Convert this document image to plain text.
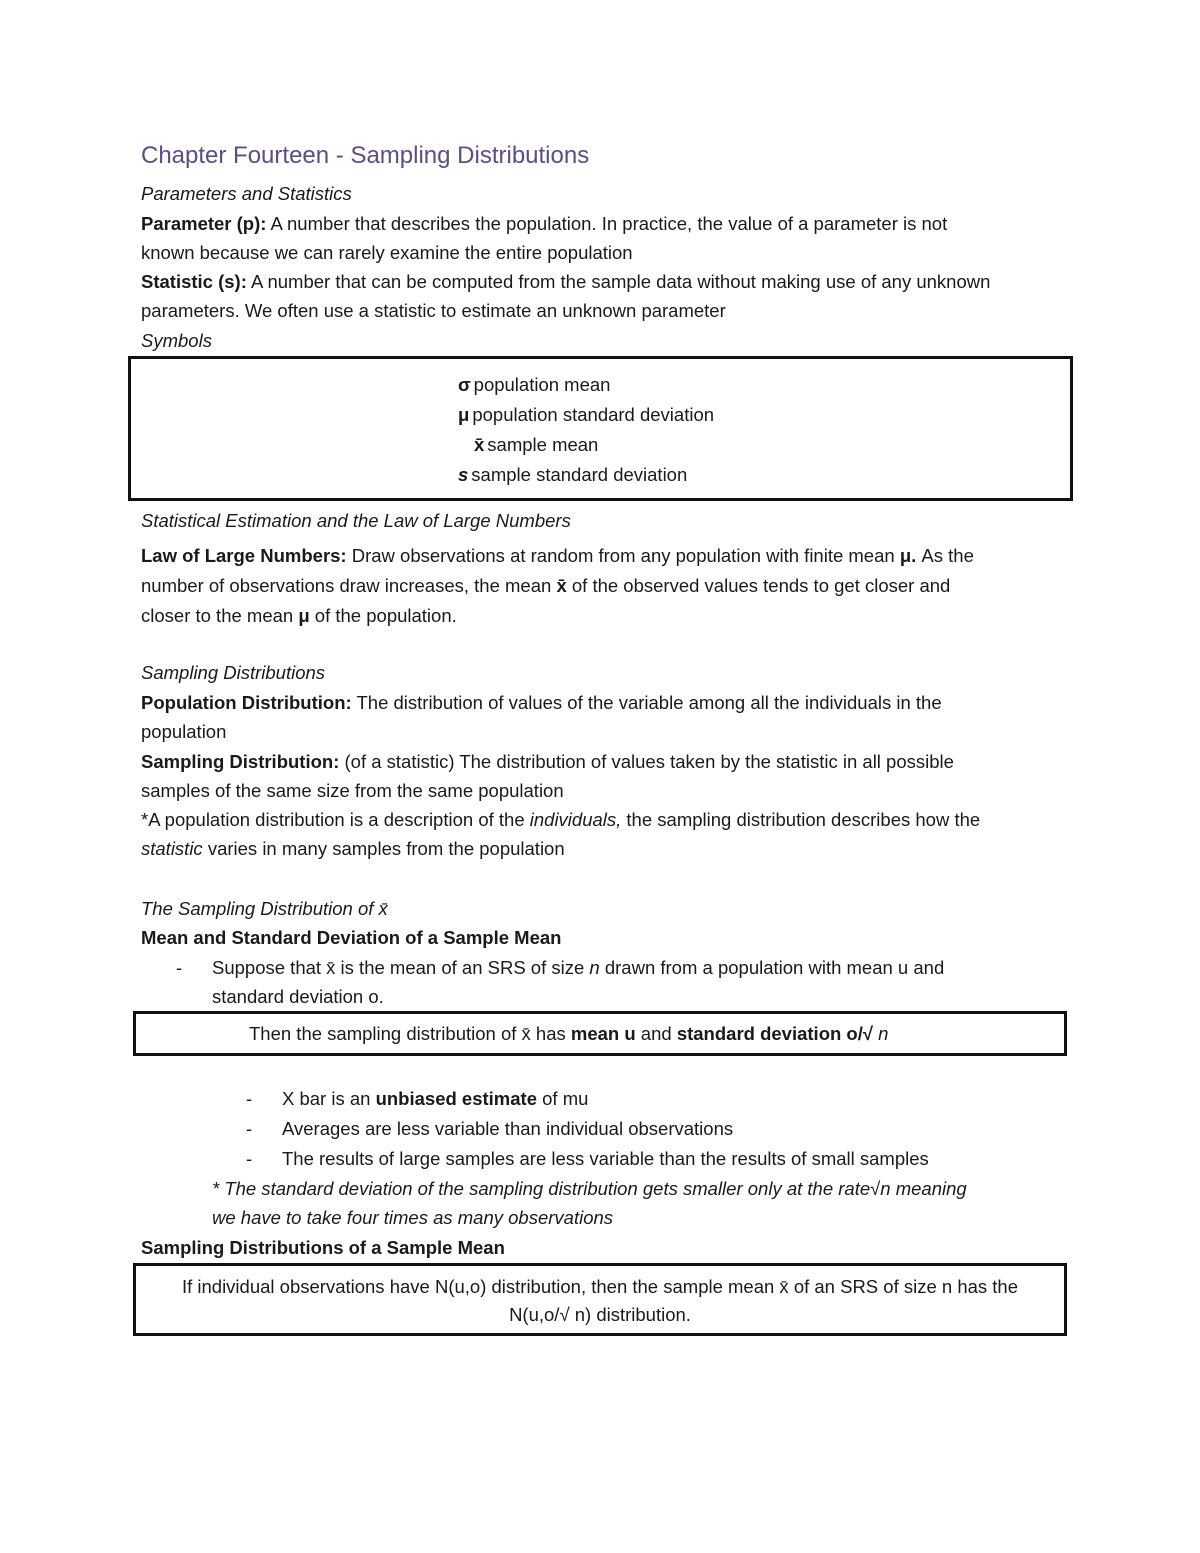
Chapter Fourteen - Sampling Distributions
Parameters and Statistics
Parameter (p): A number that describes the population. In practice, the value of a parameter is not
known because we can rarely examine the entire population
Statistic (s): A number that can be computed from the sample data without making use of any unknown
parameters. We often use a statistic to estimate an unknown parameter
Symbols
σ population mean
μ population standard deviation
x̄ sample mean
s sample standard deviation
Statistical Estimation and the Law of Large Numbers
Law of Large Numbers: Draw observations at random from any population with finite mean μ. As the
number of observations draw increases, the mean x̄ of the observed values tends to get closer and
closer to the mean μ of the population.
Sampling Distributions
Population Distribution: The distribution of values of the variable among all the individuals in the
population
Sampling Distribution: (of a statistic) The distribution of values taken by the statistic in all possible
samples of the same size from the same population
*A population distribution is a description of the individuals, the sampling distribution describes how the
statistic varies in many samples from the population
The Sampling Distribution of x̄
Mean and Standard Deviation of a Sample Mean
- Suppose that x̄ is the mean of an SRS of size n drawn from a population with mean u and
standard deviation o.
Then the sampling distribution of x̄ has mean u and standard deviation o/√ n
- X bar is an unbiased estimate of mu
- Averages are less variable than individual observations
- The results of large samples are less variable than the results of small samples
* The standard deviation of the sampling distribution gets smaller only at the rate√n meaning
we have to take four times as many observations
Sampling Distributions of a Sample Mean
If individual observations have N(u,o) distribution, then the sample mean x̄ of an SRS of size n has the
N(u,o/√ n) distribution.
